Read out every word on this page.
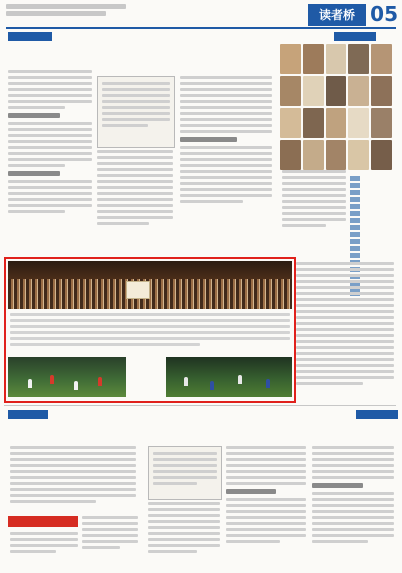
读者桥 05
